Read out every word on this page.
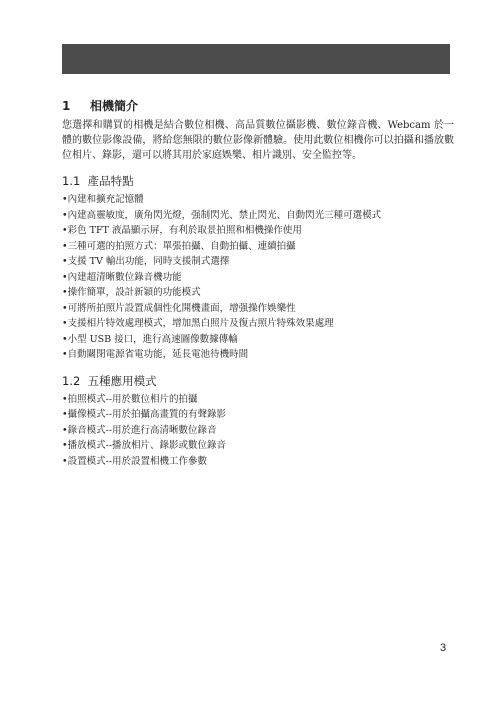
1 相機簡介

您選擇和購買的相機是結合數位相機、高品質數位攝影機、數位錄音機、Webcam 於一體的數位影像設備，將給您無限的數位影像新體驗。使用此數位相機你可以拍攝和播放數位相片、錄影，還可以將其用於家庭娛樂、相片識別、安全監控等。

1.1 產品特點
•內建和擴充記憶體
•內建高靈敏度，廣角閃光燈，强制閃光、禁止閃光、自動閃光三種可選模式
•彩色 TFT 液晶顯示屏，有利於取景拍照和相機操作使用
•三種可選的拍照方式：單張拍攝、自動拍攝、連續拍攝
•支援 TV 輸出功能，同時支援制式選擇
•內建超清晰數位錄音機功能
•操作簡單，設計新穎的功能模式
•可將所拍照片設置成個性化開機畫面，增强操作娛樂性
•支援相片特效處理模式，增加黑白照片及復古照片特殊效果處理
•小型 USB 接口，進行高速圖像數據傳輸
•自動關閉電源省電功能，延長電池待機時間
1.2 五種應用模式
•拍照模式--用於數位相片的拍攝
•攝像模式--用於拍攝高畫質的有聲錄影
•錄音模式--用於進行高清晰數位錄音
•播放模式--播放相片、錄影或數位錄音
•設置模式--用於設置相機工作參數
3
